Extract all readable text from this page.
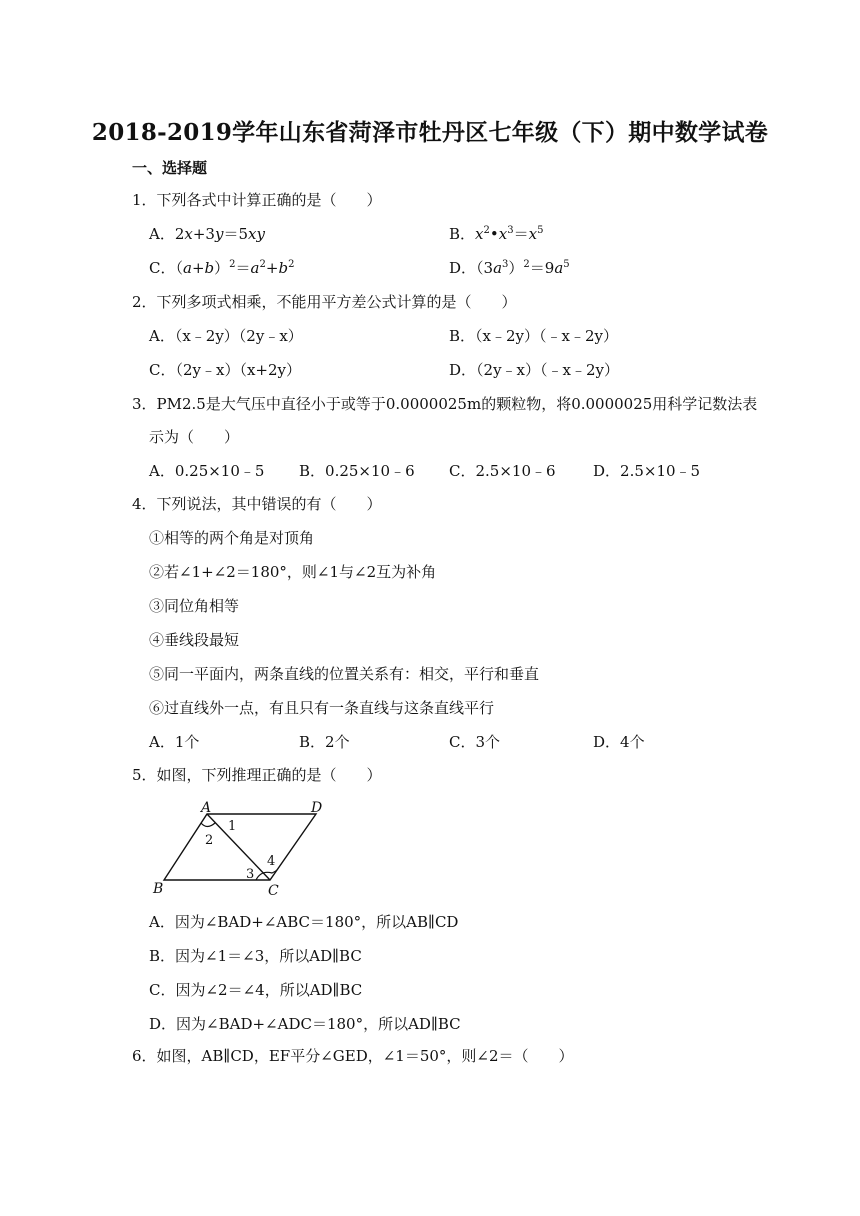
2018-2019学年山东省菏泽市牡丹区七年级（下）期中数学试卷
一、选择题
1．下列各式中计算正确的是（　　）
A．2x+3y＝5xy	B．$x^2•x^3=x^5$
C．$(a+b)^2=a^2+b^2$	D．$(3a^3)^2=9a^5$
2．下列多项式相乘，不能用平方差公式计算的是（　　）
A．（x﹣2y）（2y﹣x）	B．（x﹣2y）（﹣x﹣2y）
C．（2y﹣x）（x+2y）	D．（2y﹣x）（﹣x﹣2y）
3．PM2.5是大气压中直径小于或等于0.0000025m的颗粒物，将0.0000025用科学记数法表
示为（　　）
A．0.25×10﹣5 B．0.25×10﹣6 C．2.5×10﹣6 D．2.5×10﹣5
4．下列说法，其中错误的有（　　）
①相等的两个角是对顶角
②若∠1+∠2＝180°，则∠1与∠2互为补角
③同位角相等
④垂线段最短
⑤同一平面内，两条直线的位置关系有：相交，平行和垂直
⑥过直线外一点，有且只有一条直线与这条直线平行
A．1个	B．2个	C．3个	D．4个
5．如图，下列推理正确的是（　　）
A	D
B	C
1
2
3
4
A．因为∠BAD+∠ABC＝180°，所以AB∥CD
B．因为∠1＝∠3，所以AD∥BC
C．因为∠2＝∠4，所以AD∥BC
D．因为∠BAD+∠ADC＝180°，所以AD∥BC
6．如图，AB∥CD，EF平分∠GED，∠1＝50°，则∠2＝（　　）
